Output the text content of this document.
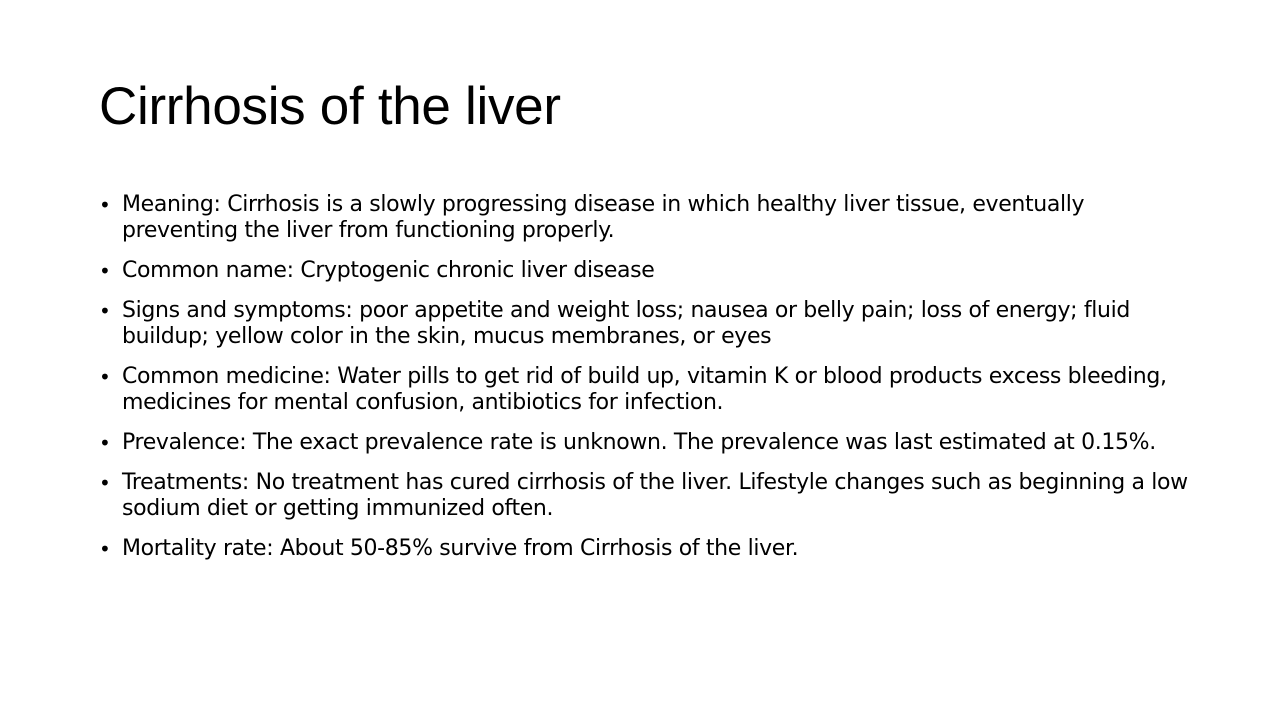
Cirrhosis of the liver
• Meaning: Cirrhosis is a slowly progressing disease in which healthy liver tissue, eventually preventing the liver from functioning properly.
• Common name: Cryptogenic chronic liver disease
• Signs and symptoms: poor appetite and weight loss; nausea or belly pain; loss of energy; fluid buildup; yellow color in the skin, mucus membranes, or eyes
• Common medicine: Water pills to get rid of build up, vitamin K or blood products excess bleeding, medicines for mental confusion, antibiotics for infection.
• Prevalence: The exact prevalence rate is unknown. The prevalence was last estimated at 0.15%.
• Treatments: No treatment has cured cirrhosis of the liver. Lifestyle changes such as beginning a low sodium diet or getting immunized often.
• Mortality rate: About 50-85% survive from Cirrhosis of the liver.
